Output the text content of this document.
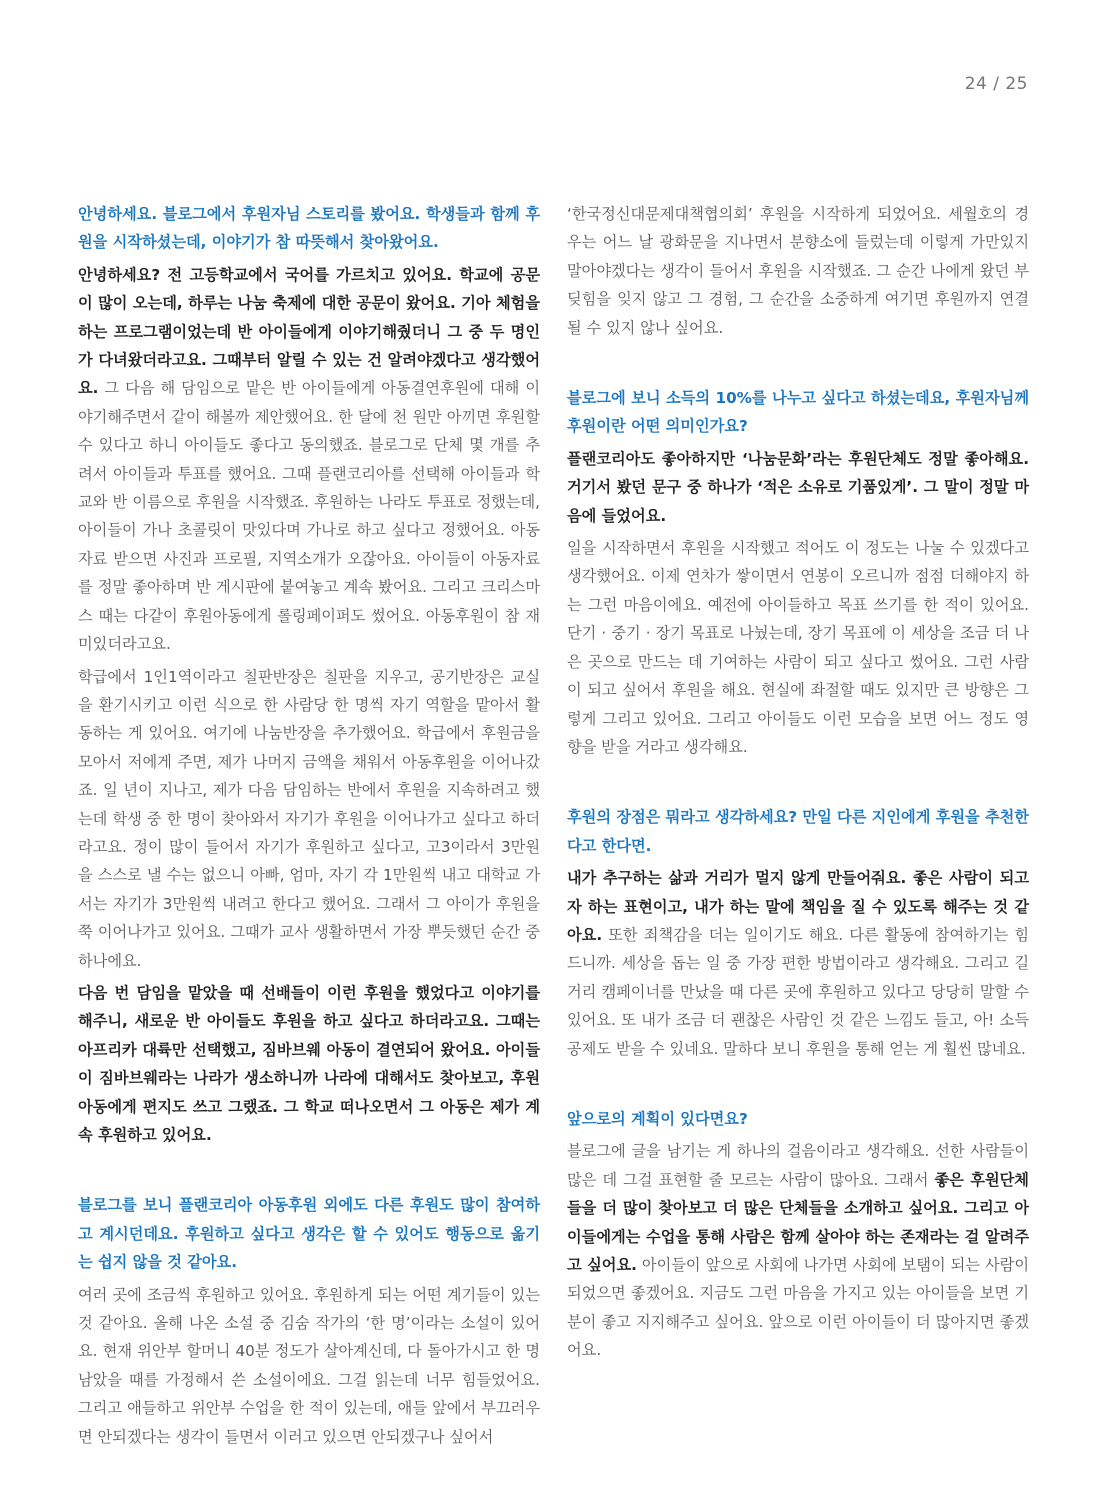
24 / 25

안녕하세요. 블로그에서 후원자님 스토리를 봤어요. 학생들과 함께 후원을 시작하셨는데, 이야기가 참 따뜻해서 찾아왔어요.

안녕하세요? 전 고등학교에서 국어를 가르치고 있어요. 학교에 공문이 많이 오는데, 하루는 나눔 축제에 대한 공문이 왔어요. 기아 체험을 하는 프로그램이었는데 반 아이들에게 이야기해줬더니 그 중 두 명인가 다녀왔더라고요. 그때부터 알릴 수 있는 건 알려야겠다고 생각했어요. 그 다음 해 담임으로 맡은 반 아이들에게 아동결연후원에 대해 이야기해주면서 같이 해볼까 제안했어요. 한 달에 천 원만 아끼면 후원할 수 있다고 하니 아이들도 좋다고 동의했죠. 블로그로 단체 몇 개를 추려서 아이들과 투표를 했어요. 그때 플랜코리아를 선택해 아이들과 학교와 반 이름으로 후원을 시작했죠. 후원하는 나라도 투표로 정했는데, 아이들이 가나 초콜릿이 맛있다며 가나로 하고 싶다고 정했어요. 아동자료 받으면 사진과 프로필, 지역소개가 오잖아요. 아이들이 아동자료를 정말 좋아하며 반 게시판에 붙여놓고 계속 봤어요. 그리고 크리스마스 때는 다같이 후원아동에게 롤링페이퍼도 썼어요. 아동후원이 참 재미있더라고요.

학급에서 1인1역이라고 칠판반장은 칠판을 지우고, 공기반장은 교실을 환기시키고 이런 식으로 한 사람당 한 명씩 자기 역할을 맡아서 활동하는 게 있어요. 여기에 나눔반장을 추가했어요. 학급에서 후원금을 모아서 저에게 주면, 제가 나머지 금액을 채워서 아동후원을 이어나갔죠. 일 년이 지나고, 제가 다음 담임하는 반에서 후원을 지속하려고 했는데 학생 중 한 명이 찾아와서 자기가 후원을 이어나가고 싶다고 하더라고요. 정이 많이 들어서 자기가 후원하고 싶다고, 고3이라서 3만원을 스스로 낼 수는 없으니 아빠, 엄마, 자기 각 1만원씩 내고 대학교 가서는 자기가 3만원씩 내려고 한다고 했어요. 그래서 그 아이가 후원을 쭉 이어나가고 있어요. 그때가 교사 생활하면서 가장 뿌듯했던 순간 중 하나에요.

다음 번 담임을 맡았을 때 선배들이 이런 후원을 했었다고 이야기를 해주니, 새로운 반 아이들도 후원을 하고 싶다고 하더라고요. 그때는 아프리카 대륙만 선택했고, 짐바브웨 아동이 결연되어 왔어요. 아이들이 짐바브웨라는 나라가 생소하니까 나라에 대해서도 찾아보고, 후원아동에게 편지도 쓰고 그랬죠. 그 학교 떠나오면서 그 아동은 제가 계속 후원하고 있어요.

블로그를 보니 플랜코리아 아동후원 외에도 다른 후원도 많이 참여하고 계시던데요. 후원하고 싶다고 생각은 할 수 있어도 행동으로 옮기는 쉽지 않을 것 같아요.

여러 곳에 조금씩 후원하고 있어요. 후원하게 되는 어떤 계기들이 있는 것 같아요. 올해 나온 소설 중 김숨 작가의 ‘한 명’이라는 소설이 있어요. 현재 위안부 할머니 40분 정도가 살아계신데, 다 돌아가시고 한 명 남았을 때를 가정해서 쓴 소설이에요. 그걸 읽는데 너무 힘들었어요. 그리고 애들하고 위안부 수업을 한 적이 있는데, 애들 앞에서 부끄러우면 안되겠다는 생각이 들면서 이러고 있으면 안되겠구나 싶어서

‘한국정신대문제대책협의회’ 후원을 시작하게 되었어요. 세월호의 경우는 어느 날 광화문을 지나면서 분향소에 들렀는데 이렇게 가만있지 말아야겠다는 생각이 들어서 후원을 시작했죠. 그 순간 나에게 왔던 부딪힘을 잊지 않고 그 경험, 그 순간을 소중하게 여기면 후원까지 연결될 수 있지 않나 싶어요.

블로그에 보니 소득의 10%를 나누고 싶다고 하셨는데요, 후원자님께 후원이란 어떤 의미인가요?

플랜코리아도 좋아하지만 ‘나눔문화’라는 후원단체도 정말 좋아해요. 거기서 봤던 문구 중 하나가 ‘적은 소유로 기품있게’. 그 말이 정말 마음에 들었어요.

일을 시작하면서 후원을 시작했고 적어도 이 정도는 나눌 수 있겠다고 생각했어요. 이제 연차가 쌓이면서 연봉이 오르니까 점점 더해야지 하는 그런 마음이에요. 예전에 아이들하고 목표 쓰기를 한 적이 있어요. 단기 · 중기 · 장기 목표로 나눴는데, 장기 목표에 이 세상을 조금 더 나은 곳으로 만드는 데 기여하는 사람이 되고 싶다고 썼어요. 그런 사람이 되고 싶어서 후원을 해요. 현실에 좌절할 때도 있지만 큰 방향은 그렇게 그리고 있어요. 그리고 아이들도 이런 모습을 보면 어느 정도 영향을 받을 거라고 생각해요.

후원의 장점은 뭐라고 생각하세요? 만일 다른 지인에게 후원을 추천한다고 한다면.

내가 추구하는 삶과 거리가 멀지 않게 만들어줘요. 좋은 사람이 되고자 하는 표현이고, 내가 하는 말에 책임을 질 수 있도록 해주는 것 같아요. 또한 죄책감을 더는 일이기도 해요. 다른 활동에 참여하기는 힘드니까. 세상을 돕는 일 중 가장 편한 방법이라고 생각해요. 그리고 길거리 캠페이너를 만났을 때 다른 곳에 후원하고 있다고 당당히 말할 수 있어요. 또 내가 조금 더 괜찮은 사람인 것 같은 느낌도 들고, 아! 소득공제도 받을 수 있네요. 말하다 보니 후원을 통해 얻는 게 훨씬 많네요.

앞으로의 계획이 있다면요?

블로그에 글을 남기는 게 하나의 걸음이라고 생각해요. 선한 사람들이 많은 데 그걸 표현할 줄 모르는 사람이 많아요. 그래서 좋은 후원단체들을 더 많이 찾아보고 더 많은 단체들을 소개하고 싶어요. 그리고 아이들에게는 수업을 통해 사람은 함께 살아야 하는 존재라는 걸 알려주고 싶어요. 아이들이 앞으로 사회에 나가면 사회에 보탬이 되는 사람이 되었으면 좋겠어요. 지금도 그런 마음을 가지고 있는 아이들을 보면 기분이 좋고 지지해주고 싶어요. 앞으로 이런 아이들이 더 많아지면 좋겠어요.
